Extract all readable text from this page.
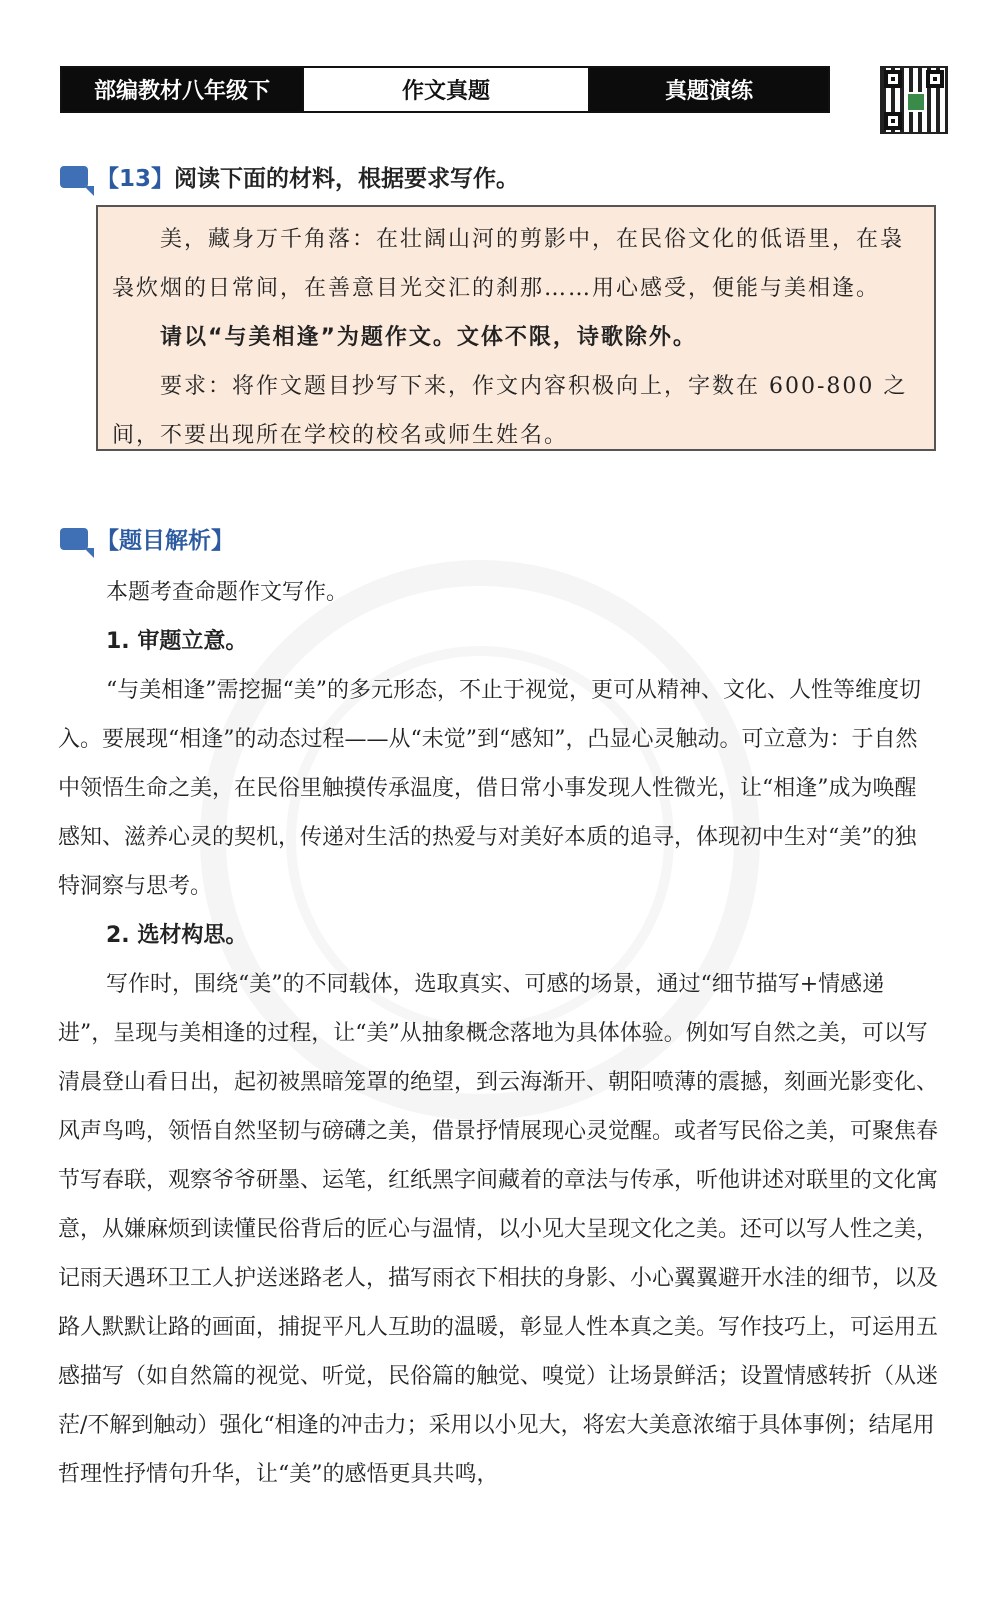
部编教材八年级下	作文真题	真题演练
【13】阅读下面的材料，根据要求写作。

美，藏身万千角落：在壮阔山河的剪影中，在民俗文化的低语里，在袅袅炊烟的日常间，在善意目光交汇的刹那……用心感受，便能与美相逢。

请以“与美相逢”为题作文。文体不限，诗歌除外。

要求：将作文题目抄写下来，作文内容积极向上，字数在 600-800 之间，不要出现所在学校的校名或师生姓名。

【题目解析】

本题考查命题作文写作。

1. 审题立意。

“与美相逢”需挖掘“美”的多元形态，不止于视觉，更可从精神、文化、人性等维度切入。要展现“相逢”的动态过程——从“未觉”到“感知”，凸显心灵触动。可立意为：于自然中领悟生命之美，在民俗里触摸传承温度，借日常小事发现人性微光，让“相逢”成为唤醒感知、滋养心灵的契机，传递对生活的热爱与对美好本质的追寻，体现初中生对“美”的独特洞察与思考。

2. 选材构思。

写作时，围绕“美”的不同载体，选取真实、可感的场景，通过“细节描写+情感递进”，呈现与美相逢的过程，让“美”从抽象概念落地为具体体验。例如写自然之美，可以写清晨登山看日出，起初被黑暗笼罩的绝望，到云海渐开、朝阳喷薄的震撼，刻画光影变化、风声鸟鸣，领悟自然坚韧与磅礴之美，借景抒情展现心灵觉醒。或者写民俗之美，可聚焦春节写春联，观察爷爷研墨、运笔，红纸黑字间藏着的章法与传承，听他讲述对联里的文化寓意，从嫌麻烦到读懂民俗背后的匠心与温情，以小见大呈现文化之美。还可以写人性之美，记雨天遇环卫工人护送迷路老人，描写雨衣下相扶的身影、小心翼翼避开水洼的细节，以及路人默默让路的画面，捕捉平凡人互助的温暖，彰显人性本真之美。写作技巧上，可运用五感描写（如自然篇的视觉、听觉，民俗篇的触觉、嗅觉）让场景鲜活；设置情感转折（从迷茫/不解到触动）强化“相逢的冲击力；采用以小见大，将宏大美意浓缩于具体事例；结尾用哲理性抒情句升华，让“美”的感悟更具共鸣，
